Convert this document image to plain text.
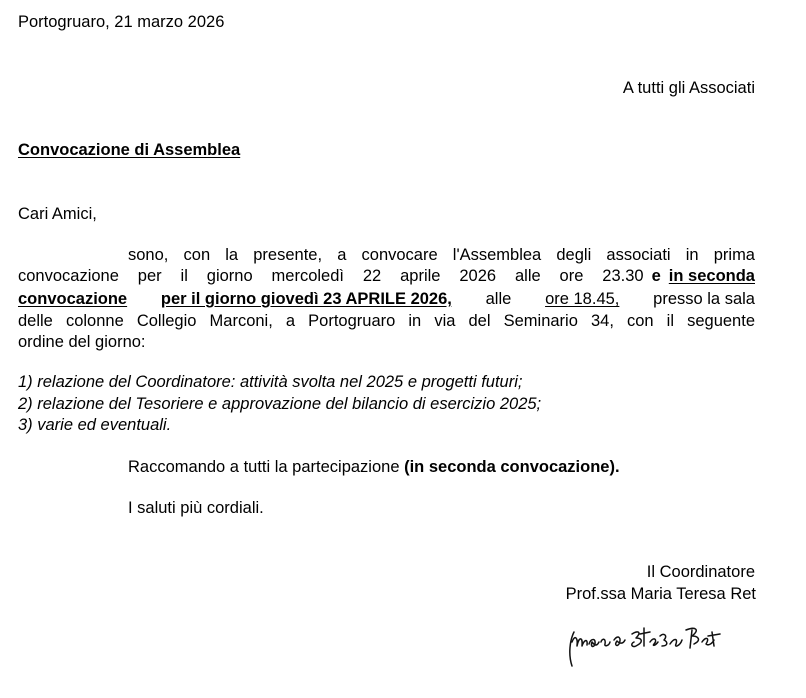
Portogruaro, 21 marzo 2026
A tutti gli Associati
Convocazione di Assemblea
Cari Amici,
sono, con la presente, a convocare l'Assemblea degli associati in prima
convocazione per il giorno mercoledì 22 aprile 2026 alle ore 23.30 e in seconda
convocazione per il giorno giovedì 23 APRILE 2026, alle ore 18.45, presso la sala
delle colonne Collegio Marconi, a Portogruaro in via del Seminario 34, con il seguente
ordine del giorno:
1) relazione del Coordinatore: attività svolta nel 2025 e progetti futuri;
2) relazione del Tesoriere e approvazione del bilancio di esercizio 2025;
3) varie ed eventuali.
Raccomando a tutti la partecipazione (in seconda convocazione).
I saluti più cordiali.
Il Coordinatore
Prof.ssa Maria Teresa Ret
